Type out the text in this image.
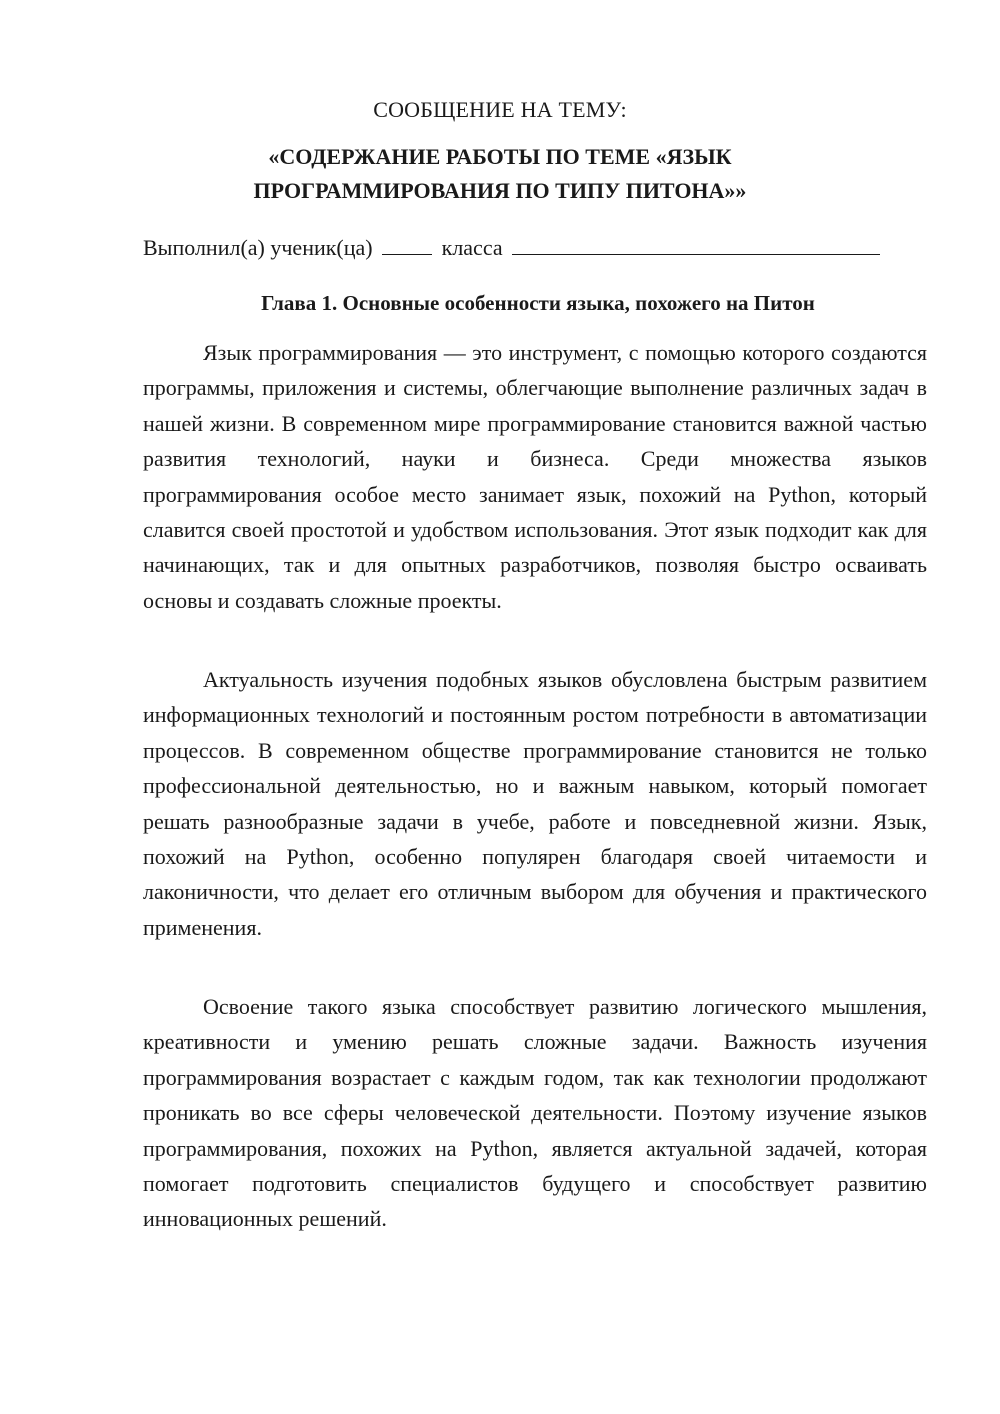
СООБЩЕНИЕ НА ТЕМУ:
«СОДЕРЖАНИЕ РАБОТЫ ПО ТЕМЕ «ЯЗЫК
ПРОГРАММИРОВАНИЯ ПО ТИПУ ПИТОНА»»
Выполнил(а) ученик(ца)	класса
Глава 1. Основные особенности языка, похожего на Питон

Язык программирования — это инструмент, с помощью которого создаются программы, приложения и системы, облегчающие выполнение различных задач в нашей жизни. В современном мире программирование становится важной частью развития технологий, науки и бизнеса. Среди множества языков программирования особое место занимает язык, похожий на Python, который славится своей простотой и удобством использования. Этот язык подходит как для начинающих, так и для опытных разработчиков, позволяя быстро осваивать основы и создавать сложные проекты.

Актуальность изучения подобных языков обусловлена быстрым развитием информационных технологий и постоянным ростом потребности в автоматизации процессов. В современном обществе программирование становится не только профессиональной деятельностью, но и важным навыком, который помогает решать разнообразные задачи в учебе, работе и повседневной жизни. Язык, похожий на Python, особенно популярен благодаря своей читаемости и лаконичности, что делает его отличным выбором для обучения и практического применения.

Освоение такого языка способствует развитию логического мышления, креативности и умению решать сложные задачи. Важность изучения программирования возрастает с каждым годом, так как технологии продолжают проникать во все сферы человеческой деятельности. Поэтому изучение языков программирования, похожих на Python, является актуальной задачей, которая помогает подготовить специалистов будущего и способствует развитию инновационных решений.
